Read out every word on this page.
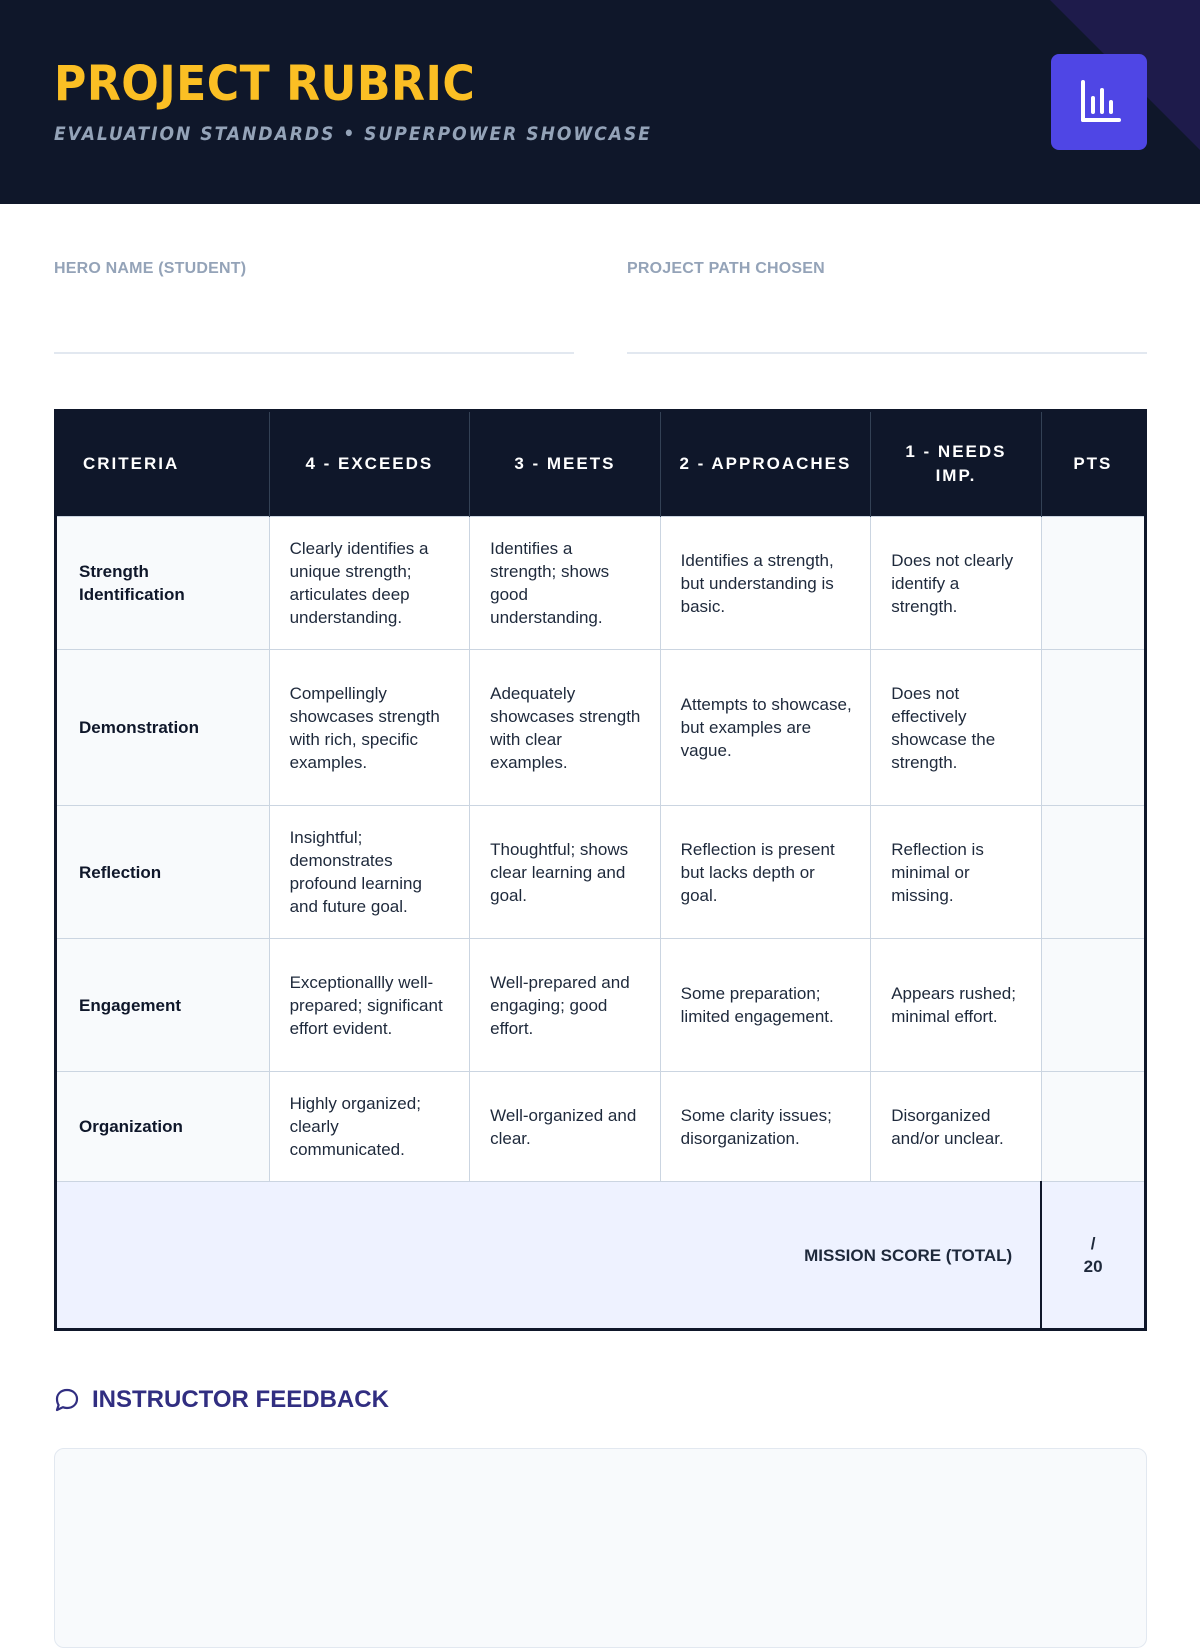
PROJECT RUBRIC
EVALUATION STANDARDS • SUPERPOWER SHOWCASE
HERO NAME (STUDENT)	PROJECT PATH CHOSEN
CRITERIA	4 - EXCEEDS	3 - MEETS	2 - APPROACHES	1 - NEEDS IMP.	PTS
Strength Identification	Clearly identifies a unique strength; articulates deep understanding.	Identifies a strength; shows good understanding.	Identifies a strength, but understanding is basic.	Does not clearly identify a strength.	
Demonstration	Compellingly showcases strength with rich, specific examples.	Adequately showcases strength with clear examples.	Attempts to showcase, but examples are vague.	Does not effectively showcase the strength.	
Reflection	Insightful; demonstrates profound learning and future goal.	Thoughtful; shows clear learning and goal.	Reflection is present but lacks depth or goal.	Reflection is minimal or missing.	
Engagement	Exceptionallly well-prepared; significant effort evident.	Well-prepared and engaging; good effort.	Some preparation; limited engagement.	Appears rushed; minimal effort.	
Organization	Highly organized; clearly communicated.	Well-organized and clear.	Some clarity issues; disorganization.	Disorganized and/or unclear.	
MISSION SCORE (TOTAL)					/
20
INSTRUCTOR FEEDBACK
